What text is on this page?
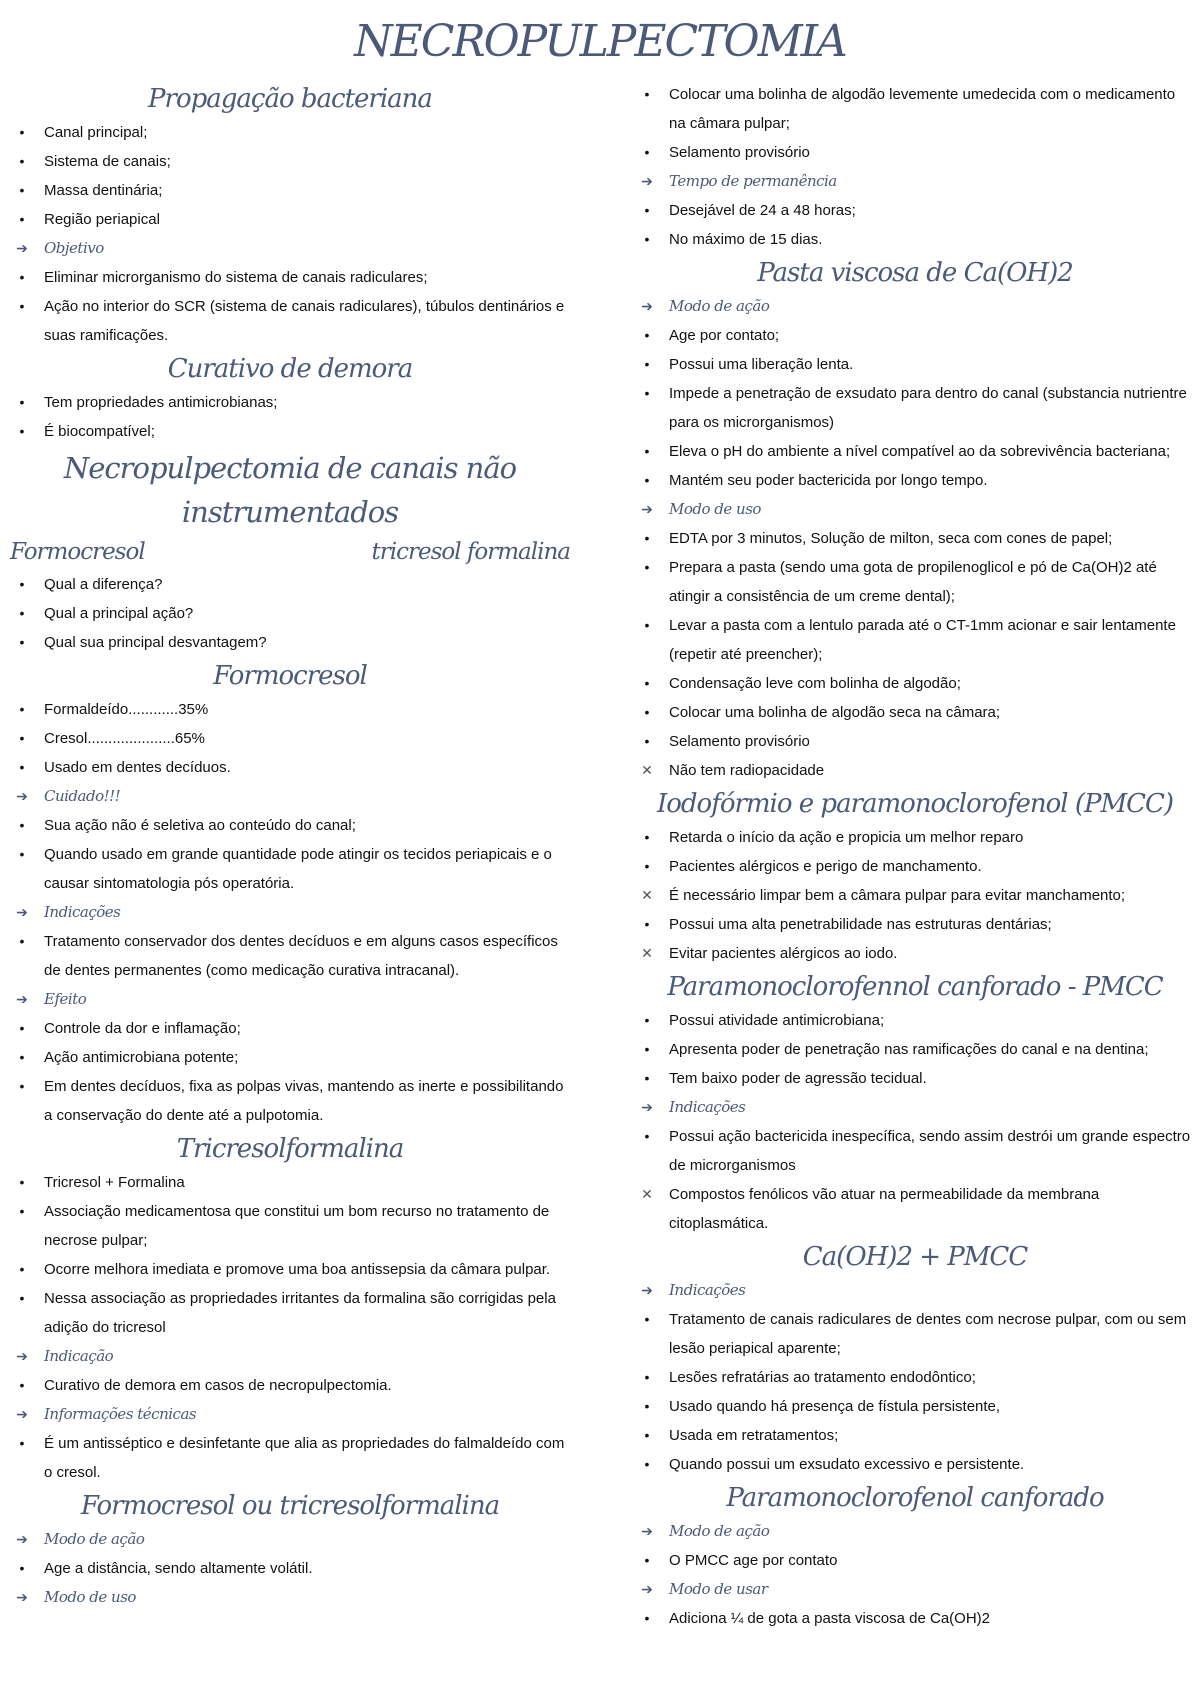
NECROPULPECTOMIA
Propagação bacteriana
•	Canal principal;
•	Sistema de canais;
•	Massa dentinária;
•	Região periapical
➔ Objetivo
•	Eliminar microrganismo do sistema de canais radiculares;
•	Ação no interior do SCR (sistema de canais radiculares), túbulos dentinários e suas ramificações.
Curativo de demora
•	Tem propriedades antimicrobianas;
•	É biocompatível;
Necropulpectomia de canais não instrumentados
Formocresol	tricresol formalina
•	Qual a diferença?
•	Qual a principal ação?
•	Qual sua principal desvantagem?
Formocresol
•	Formaldeído............35%
•	Cresol.....................65%
•	Usado em dentes decíduos.
➔ Cuidado!!!
•	Sua ação não é seletiva ao conteúdo do canal;
•	Quando usado em grande quantidade pode atingir os tecidos periapicais e o causar sintomatologia pós operatória.
➔ Indicações
•	Tratamento conservador dos dentes decíduos e em alguns casos específicos de dentes permanentes (como medicação curativa intracanal).
➔ Efeito
•	Controle da dor e inflamação;
•	Ação antimicrobiana potente;
•	Em dentes decíduos, fixa as polpas vivas, mantendo as inerte e possibilitando a conservação do dente até a pulpotomia.
Tricresolformalina
•	Tricresol + Formalina
•	Associação medicamentosa que constitui um bom recurso no tratamento de necrose pulpar;
•	Ocorre melhora imediata e promove uma boa antissepsia da câmara pulpar.
•	Nessa associação as propriedades irritantes da formalina são corrigidas pela adição do tricresol
➔ Indicação
•	Curativo de demora em casos de necropulpectomia.
➔ Informações técnicas
•	É um antisséptico e desinfetante que alia as propriedades do falmaldeído com o cresol.
Formocresol ou tricresolformalina
➔ Modo de ação
•	Age a distância, sendo altamente volátil.
➔ Modo de uso
•	Colocar uma bolinha de algodão levemente umedecida com o medicamento na câmara pulpar;
•	Selamento provisório
➔ Tempo de permanência
•	Desejável de 24 a 48 horas;
•	No máximo de 15 dias.
Pasta viscosa de Ca(OH)2
➔ Modo de ação
•	Age por contato;
•	Possui uma liberação lenta.
•	Impede a penetração de exsudato para dentro do canal (substancia nutrientre para os microrganismos)
•	Eleva o pH do ambiente a nível compatível ao da sobrevivência bacteriana;
•	Mantém seu poder bactericida por longo tempo.
➔ Modo de uso
•	EDTA por 3 minutos, Solução de milton, seca com cones de papel;
•	Prepara a pasta (sendo uma gota de propilenoglicol e pó de Ca(OH)2 até atingir a consistência de um creme dental);
•	Levar a pasta com a lentulo parada até o CT-1mm acionar e sair lentamente (repetir até preencher);
•	Condensação leve com bolinha de algodão;
•	Colocar uma bolinha de algodão seca na câmara;
•	Selamento provisório
✕ Não tem radiopacidade
Iodofórmio e paramonoclorofenol (PMCC)
•	Retarda o início da ação e propicia um melhor reparo
•	Pacientes alérgicos e perigo de manchamento.
✕ É necessário limpar bem a câmara pulpar para evitar manchamento;
•	Possui uma alta penetrabilidade nas estruturas dentárias;
✕ Evitar pacientes alérgicos ao iodo.
Paramonoclorofennol canforado - PMCC
•	Possui atividade antimicrobiana;
•	Apresenta poder de penetração nas ramificações do canal e na dentina;
•	Tem baixo poder de agressão tecidual.
➔ Indicações
•	Possui ação bactericida inespecífica, sendo assim destrói um grande espectro de microrganismos
✕ Compostos fenólicos vão atuar na permeabilidade da membrana citoplasmática.
Ca(OH)2 + PMCC
➔ Indicações
•	Tratamento de canais radiculares de dentes com necrose pulpar, com ou sem lesão periapical aparente;
•	Lesões refratárias ao tratamento endodôntico;
•	Usado quando há presença de fístula persistente,
•	Usada em retratamentos;
•	Quando possui um exsudato excessivo e persistente.
Paramonoclorofenol canforado
➔ Modo de ação
•	O PMCC age por contato
➔ Modo de usar
•	Adiciona ¼ de gota a pasta viscosa de Ca(OH)2
